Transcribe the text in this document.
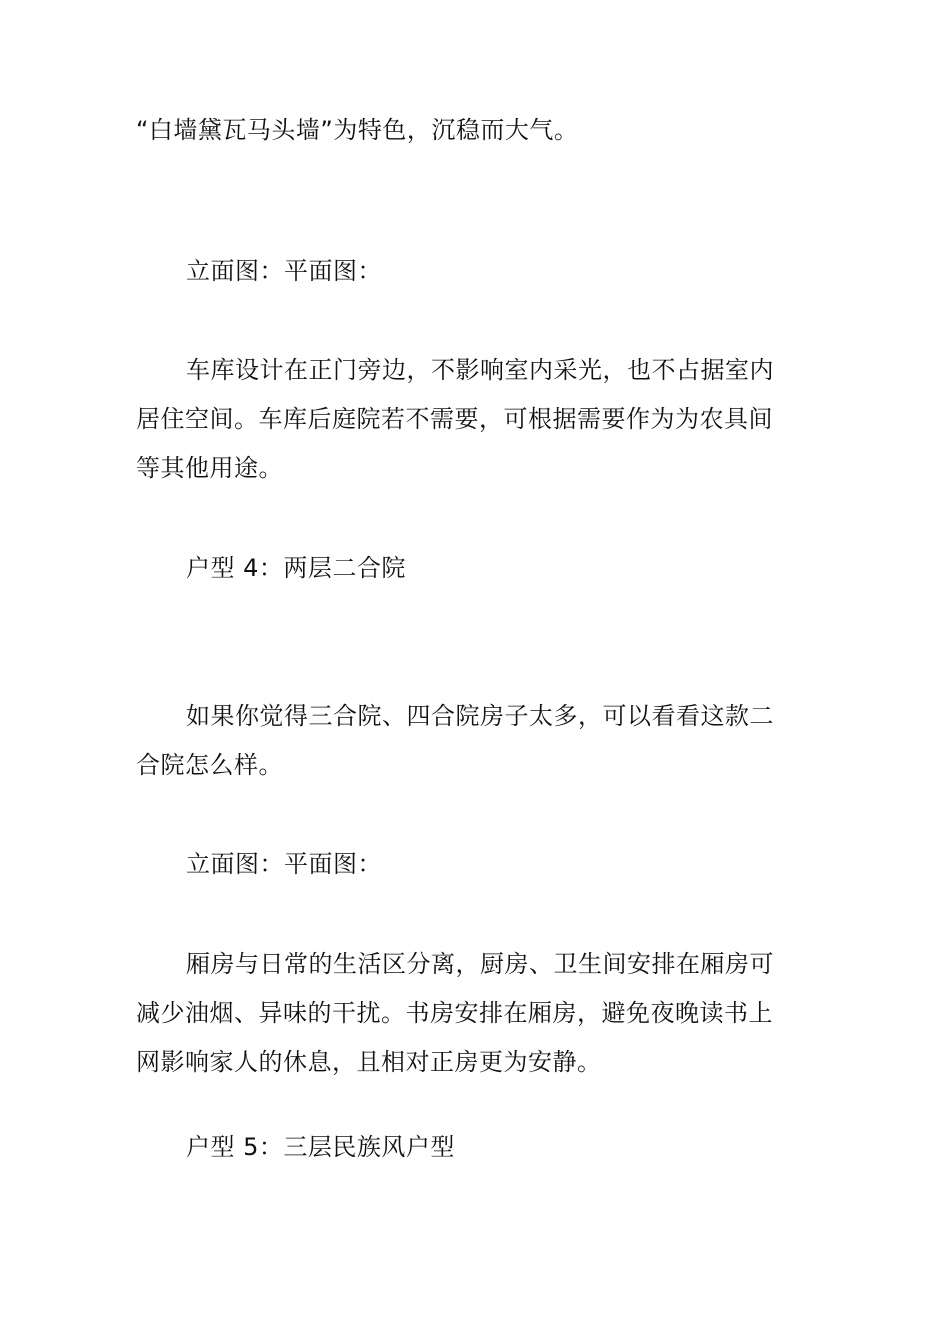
“白墙黛瓦马头墙”为特色，沉稳而大气。
立面图：平面图：
车库设计在正门旁边，不影响室内采光，也不占据室内居住空间。车库后庭院若不需要，可根据需要作为为农具间等其他用途。
户型 4：两层二合院
如果你觉得三合院、四合院房子太多，可以看看这款二合院怎么样。
立面图：平面图：
厢房与日常的生活区分离，厨房、卫生间安排在厢房可减少油烟、异味的干扰。书房安排在厢房，避免夜晚读书上网影响家人的休息，且相对正房更为安静。
户型 5：三层民族风户型
